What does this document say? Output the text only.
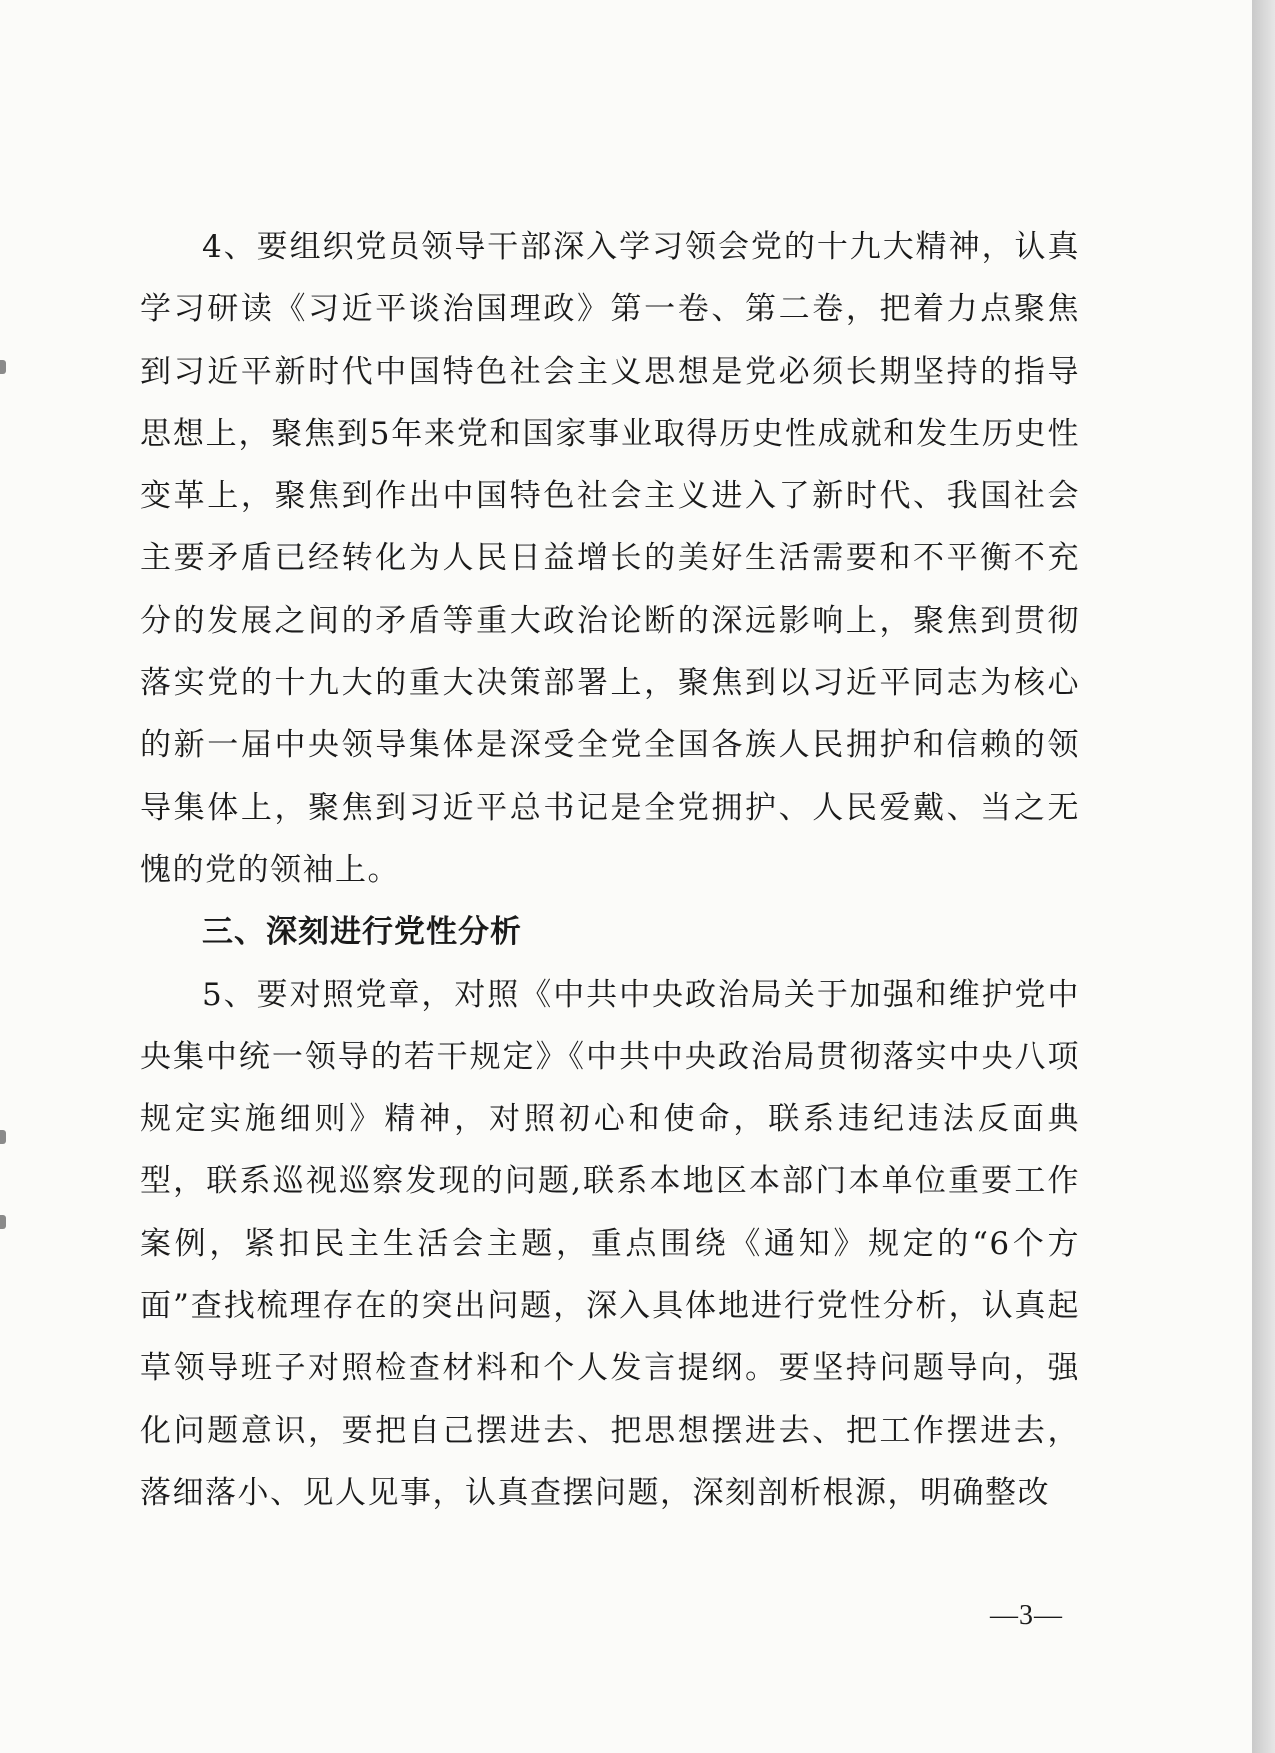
4、要组织党员领导干部深入学习领会党的十九大精神，认真学习研读《习近平谈治国理政》第一卷、第二卷，把着力点聚焦到习近平新时代中国特色社会主义思想是党必须长期坚持的指导思想上，聚焦到5年来党和国家事业取得历史性成就和发生历史性变革上，聚焦到作出中国特色社会主义进入了新时代、我国社会主要矛盾已经转化为人民日益增长的美好生活需要和不平衡不充分的发展之间的矛盾等重大政治论断的深远影响上，聚焦到贯彻落实党的十九大的重大决策部署上，聚焦到以习近平同志为核心的新一届中央领导集体是深受全党全国各族人民拥护和信赖的领导集体上，聚焦到习近平总书记是全党拥护、人民爱戴、当之无愧的党的领袖上。

三、深刻进行党性分析

5、要对照党章，对照《中共中央政治局关于加强和维护党中央集中统一领导的若干规定》《中共中央政治局贯彻落实中央八项规定实施细则》精神，对照初心和使命，联系违纪违法反面典型，联系巡视巡察发现的问题,联系本地区本部门本单位重要工作案例，紧扣民主生活会主题，重点围绕《通知》规定的“6个方面”查找梳理存在的突出问题，深入具体地进行党性分析，认真起草领导班子对照检查材料和个人发言提纲。要坚持问题导向，强化问题意识，要把自己摆进去、把思想摆进去、把工作摆进去，落细落小、见人见事，认真查摆问题，深刻剖析根源，明确整改

—3—
